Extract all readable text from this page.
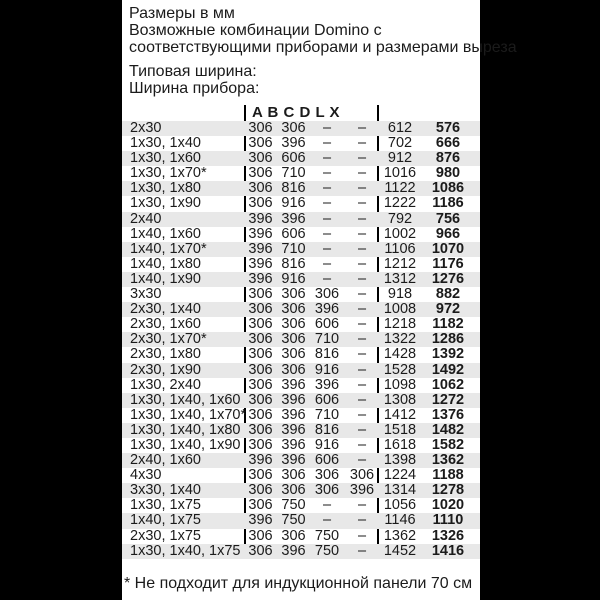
Размеры в мм
Возможные комбинации Domino с
соответствующими приборами и размерами выреза
Типовая ширина:
Ширина прибора:
A B C D L X
2x30	306 306	–	–	612	576
1x30, 1x40	306 396	–	–	702	666
1x30, 1x60	306 606	–	–	912	876
1x30, 1x70*	306 710	–	–	1016	980
1x30, 1x80	306 816	–	–	1122	1086
1x30, 1x90	306 916	–	–	1222 1186
2x40	396 396	–	–	792	756
1x40, 1x60	396 606	–	–	1002	966
1x40, 1x70*	396 710	–	–	1106	1070
1x40, 1x80	396 816	–	–	1212 1176
1x40, 1x90	396 916	–	–	1312 1276
3x30	306 306 306	–	918	882
2x30, 1x40	306 306 396	–	1008	972
2x30, 1x60	306 306 606	–	1218 1182
2x30, 1x70*	306 306 710	–	1322 1286
2x30, 1x80	306 306 816	–	1428 1392
2x30, 1x90	306 306 916	–	1528 1492
1x30, 2x40	306 396 396	–	1098 1062
1x30, 1x40, 1x60 306 396 606	–	1308 1272
1x30, 1x40, 1x70* 306 396 710	–	1412 1376
1x30, 1x40, 1x80 306 396 816	–	1518 1482
1x30, 1x40, 1x90 306 396 916	–	1618 1582
2x40, 1x60	396 396 606	–	1398 1362
4x30	306 306 306 306 1224 1188
3x30, 1x40	306 306 306 396 1314 1278
1x30, 1x75	306 750	–	–	1056 1020
1x40, 1x75	396 750	–	–	1146	1110
2x30, 1x75	306 306 750	–	1362 1326
1x30, 1x40, 1x75 306 396 750	–	1452 1416
* Не подходит для индукционной панели 70 см
